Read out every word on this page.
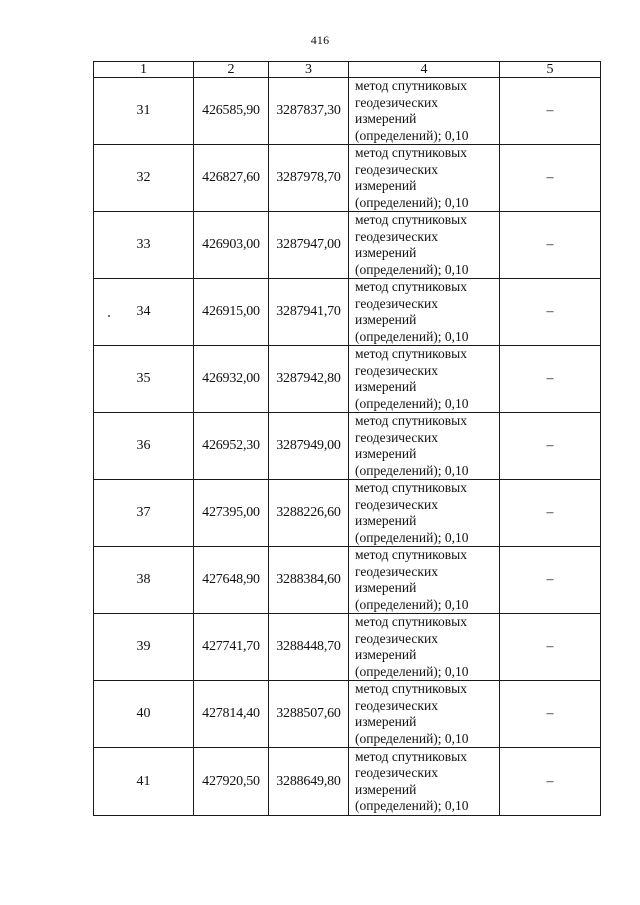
416
1	2	3	4	5
31	426585,90	3287837,30	метод спутниковых
геодезических
измерений
(определений); 0,10	–
32	426827,60	3287978,70	метод спутниковых
геодезических
измерений
(определений); 0,10	–
33	426903,00	3287947,00	метод спутниковых
геодезических
измерений
(определений); 0,10	–
34	426915,00	3287941,70	метод спутниковых
геодезических
измерений
(определений); 0,10	–
35	426932,00	3287942,80	метод спутниковых
геодезических
измерений
(определений); 0,10	–
36	426952,30	3287949,00	метод спутниковых
геодезических
измерений
(определений); 0,10	–
37	427395,00	3288226,60	метод спутниковых
геодезических
измерений
(определений); 0,10	–
38	427648,90	3288384,60	метод спутниковых
геодезических
измерений
(определений); 0,10	–
39	427741,70	3288448,70	метод спутниковых
геодезических
измерений
(определений); 0,10	–
40	427814,40	3288507,60	метод спутниковых
геодезических
измерений
(определений); 0,10	–
41	427920,50	3288649,80	метод спутниковых
геодезических
измерений
(определений); 0,10	–
